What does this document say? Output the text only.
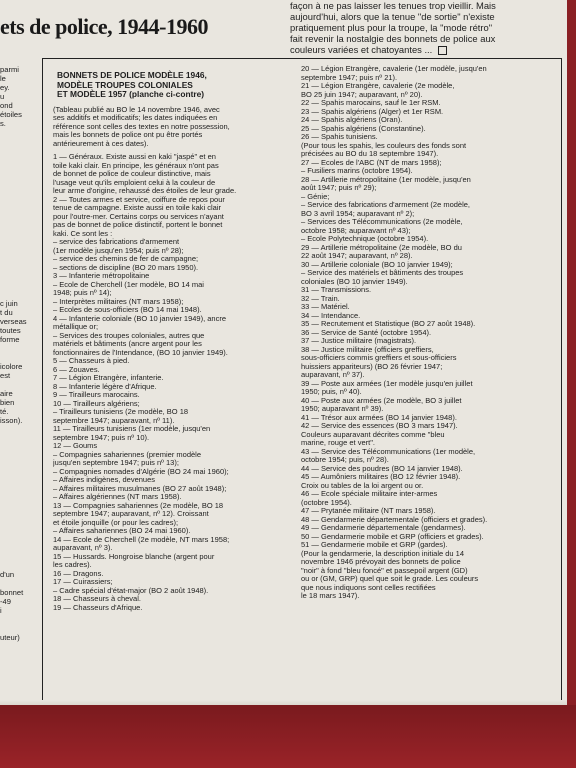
ets de police, 1944-1960
façon à ne pas laisser les tenues trop vieillir. Mais
aujourd'hui, alors que la tenue "de sortie" n'existe
pratiquement plus pour la troupe, la "mode rétro"
fait revenir la nostalgie des bonnets de police aux
couleurs variées et chatoyantes ...
parmi
le
ey.
u
ond
étoiles
s.

c juin
t du
verseas
toutes
forme

icolore
est

aire
bien
té.
isson).
d'un

bonnet
-49
i

uteur)
BONNETS DE POLICE MODÈLE 1946,
MODÈLE TROUPES COLONIALES
ET MODÈLE 1957 (planche ci-contre)
(Tableau publié au BO le 14 novembre 1946, avec
ses additifs et modificatifs; les dates indiquées en
référence sont celles des textes en notre possession,
mais les bonnets de police ont pu être portés
antérieurement à ces dates).

1 — Généraux. Existe aussi en kaki "jaspé" et en
toile kaki clair. En principe, les généraux n'ont pas
de bonnet de police de couleur distinctive, mais
l'usage veut qu'ils emploient celui à la couleur de
leur arme d'origine, rehaussé des étoiles de leur grade.
2 — Toutes armes et service, coiffure de repos pour
tenue de campagne. Existe aussi en toile kaki clair
pour l'outre-mer. Certains corps ou services n'ayant
pas de bonnet de police distinctif, portent le bonnet
kaki. Ce sont les :
– service des fabrications d'armement
(1er modèle jusqu'en 1954; puis nº 28);
– service des chemins de fer de campagne;
– sections de discipline (BO 20 mars 1950).
3 — Infanterie métropolitaine
– Ecole de Cherchell (1er modèle, BO 14 mai
1948; puis nº 14);
– Interprètes militaires (NT mars 1958);
– Ecoles de sous-officiers (BO 14 mai 1948).
4 — Infanterie coloniale (BO 10 janvier 1949), ancre
métallique or;
– Services des troupes coloniales, autres que
matériels et bâtiments (ancre argent pour les
fonctionnaires de l'Intendance, (BO 10 janvier 1949).
5 — Chasseurs à pied.
6 — Zouaves.
7 — Légion Etrangère, infanterie.
8 — Infanterie légère d'Afrique.
9 — Tirailleurs marocains.
10 — Tirailleurs algériens;
– Tirailleurs tunisiens (2e modèle, BO 18
septembre 1947; auparavant, nº 11).
11 — Tirailleurs tunisiens (1er modèle, jusqu'en
septembre 1947; puis nº 10).
12 — Goums
– Compagnies sahariennes (premier modèle
jusqu'en septembre 1947; puis nº 13);
– Compagnies nomades d'Algérie (BO 24 mai 1960);
– Affaires indigènes, devenues
– Affaires militaires musulmanes (BO 27 août 1948);
– Affaires algériennes (NT mars 1958).
13 — Compagnies sahariennes (2e modèle, BO 18
septembre 1947; auparavant, nº 12). Croissant
et étoile jonquille (or pour les cadres);
– Affaires sahariennes (BO 24 mai 1960).
14 — Ecole de Cherchell (2e modèle, NT mars 1958;
auparavant, nº 3).
15 — Hussards. Hongroise blanche (argent pour
les cadres).
16 — Dragons.
17 — Cuirassiers;
– Cadre spécial d'état-major (BO 2 août 1948).
18 — Chasseurs à cheval.
19 — Chasseurs d'Afrique.
20 — Légion Etrangère, cavalerie (1er modèle, jusqu'en
septembre 1947; puis nº 21).
21 — Légion Etrangère, cavalerie (2e modèle,
BO 25 juin 1947; auparavant, nº 20).
22 — Spahis marocains, sauf le 1er RSM.
23 — Spahis algériens (Alger) et 1er RSM.
24 — Spahis algériens (Oran).
25 — Spahis algériens (Constantine).
26 — Spahis tunisiens.
(Pour tous les spahis, les couleurs des fonds sont
précisées au BO du 18 septembre 1947).
27 — Ecoles de l'ABC (NT de mars 1958);
– Fusiliers marins (octobre 1954).
28 — Artillerie métropolitaine (1er modèle, jusqu'en
août 1947; puis nº 29);
– Génie;
– Service des fabrications d'armement (2e modèle,
BO 3 avril 1954; auparavant nº 2);
– Services des Télécommunications (2e modèle,
octobre 1958; auparavant nº 43);
– Ecole Polytechnique (octobre 1954).
29 — Artillerie métropolitaine (2e modèle, BO du
22 août 1947; auparavant, nº 28).
30 — Artillerie coloniale (BO 10 janvier 1949);
– Service des matériels et bâtiments des troupes
coloniales (BO 10 janvier 1949).
31 — Transmissions.
32 — Train.
33 — Matériel.
34 — Intendance.
35 — Recrutement et Statistique (BO 27 août 1948).
36 — Service de Santé (octobre 1954).
37 — Justice militaire (magistrats).
38 — Justice militaire (officiers greffiers,
sous-officiers commis greffiers et sous-officiers
huissiers appariteurs) (BO 26 février 1947;
auparavant, nº 37).
39 — Poste aux armées (1er modèle jusqu'en juillet
1950; puis, nº 40).
40 — Poste aux armées (2e modèle, BO 3 juillet
1950; auparavant nº 39).
41 — Trésor aux armées (BO 14 janvier 1948).
42 — Service des essences (BO 3 mars 1947).
Couleurs auparavant décrites comme "bleu
marine, rouge et vert".
43 — Service des Télécommunications (1er modèle,
octobre 1954; puis, nº 28).
44 — Service des poudres (BO 14 janvier 1948).
45 — Aumôniers militaires (BO 12 février 1948).
Croix ou tables de la loi argent ou or.
46 — Ecole spéciale militaire inter-armes
(octobre 1954).
47 — Prytanée militaire (NT mars 1958).
48 — Gendarmerie départementale (officiers et grades).
49 — Gendarmerie départementale (gendarmes).
50 — Gendarmerie mobile et GRP (officiers et grades).
51 — Gendarmerie mobile et GRP (gardes).
(Pour la gendarmerie, la description initiale du 14
novembre 1946 prévoyait des bonnets de police
"noir" à fond "bleu foncé" et passepoil argent (GD)
ou or (GM, GRP) quel que soit le grade. Les couleurs
que nous indiquons sont celles rectifiées
le 18 mars 1947).
